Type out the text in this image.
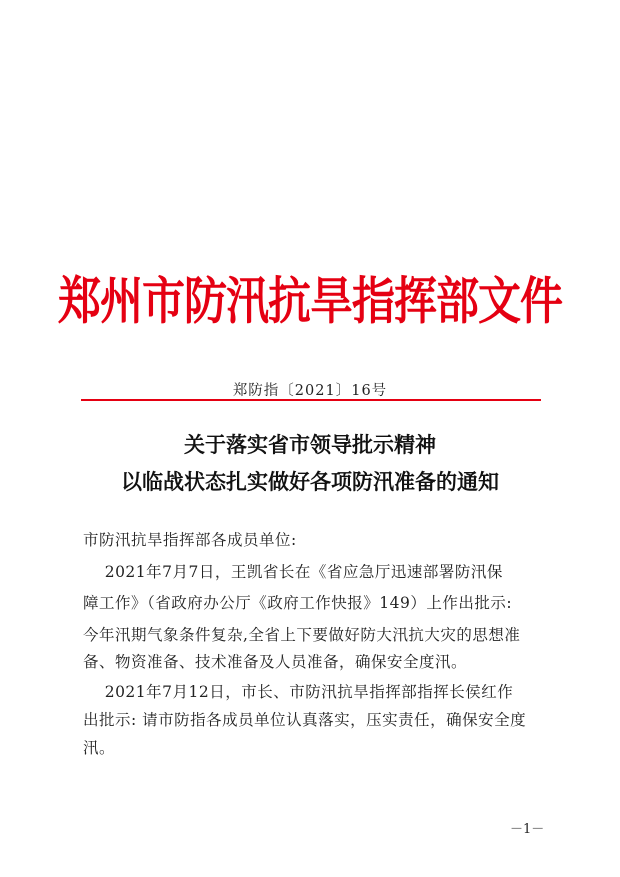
郑州市防汛抗旱指挥部文件
郑防指〔2021〕16号
关于落实省市领导批示精神
以临战状态扎实做好各项防汛准备的通知
市防汛抗旱指挥部各成员单位:
2021年7月7日，王凯省长在《省应急厅迅速部署防汛保
障工作》（省政府办公厅《政府工作快报》149）上作出批示:
今年汛期气象条件复杂,全省上下要做好防大汛抗大灾的思想准
备、物资准备、技术准备及人员准备，确保安全度汛。
2021年7月12日，市长、市防汛抗旱指挥部指挥长侯红作
出批示: 请市防指各成员单位认真落实，压实责任，确保安全度
汛。
－1－
